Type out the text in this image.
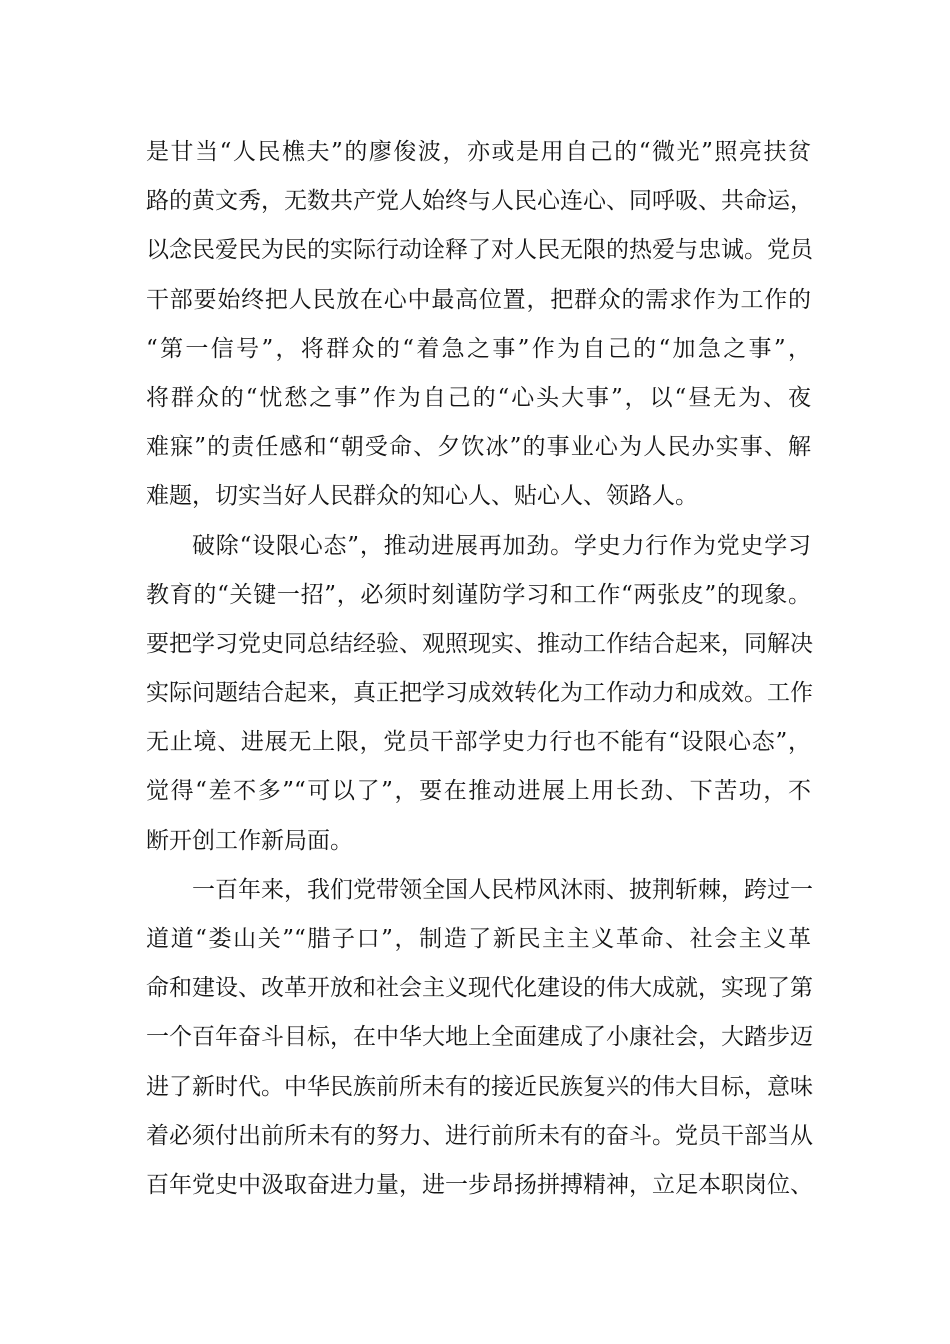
是甘当“人民樵夫”的廖俊波，亦或是用自己的“微光”照亮扶贫
路的黄文秀，无数共产党人始终与人民心连心、同呼吸、共命运，
以念民爱民为民的实际行动诠释了对人民无限的热爱与忠诚。党员
干部要始终把人民放在心中最高位置，把群众的需求作为工作的
“第一信号”，将群众的“着急之事”作为自己的“加急之事”，
将群众的“忧愁之事”作为自己的“心头大事”，以“昼无为、夜
难寐”的责任感和“朝受命、夕饮冰”的事业心为人民办实事、解
难题，切实当好人民群众的知心人、贴心人、领路人。
破除“设限心态”，推动进展再加劲。学史力行作为党史学习
教育的“关键一招”，必须时刻谨防学习和工作“两张皮”的现象。
要把学习党史同总结经验、观照现实、推动工作结合起来，同解决
实际问题结合起来，真正把学习成效转化为工作动力和成效。工作
无止境、进展无上限，党员干部学史力行也不能有“设限心态”，
觉得“差不多”“可以了”，要在推动进展上用长劲、下苦功，不
断开创工作新局面。
一百年来，我们党带领全国人民栉风沐雨、披荆斩棘，跨过一
道道“娄山关”“腊子口”，制造了新民主主义革命、社会主义革
命和建设、改革开放和社会主义现代化建设的伟大成就，实现了第
一个百年奋斗目标，在中华大地上全面建成了小康社会，大踏步迈
进了新时代。中华民族前所未有的接近民族复兴的伟大目标，意味
着必须付出前所未有的努力、进行前所未有的奋斗。党员干部当从
百年党史中汲取奋进力量，进一步昂扬拼搏精神，立足本职岗位、
